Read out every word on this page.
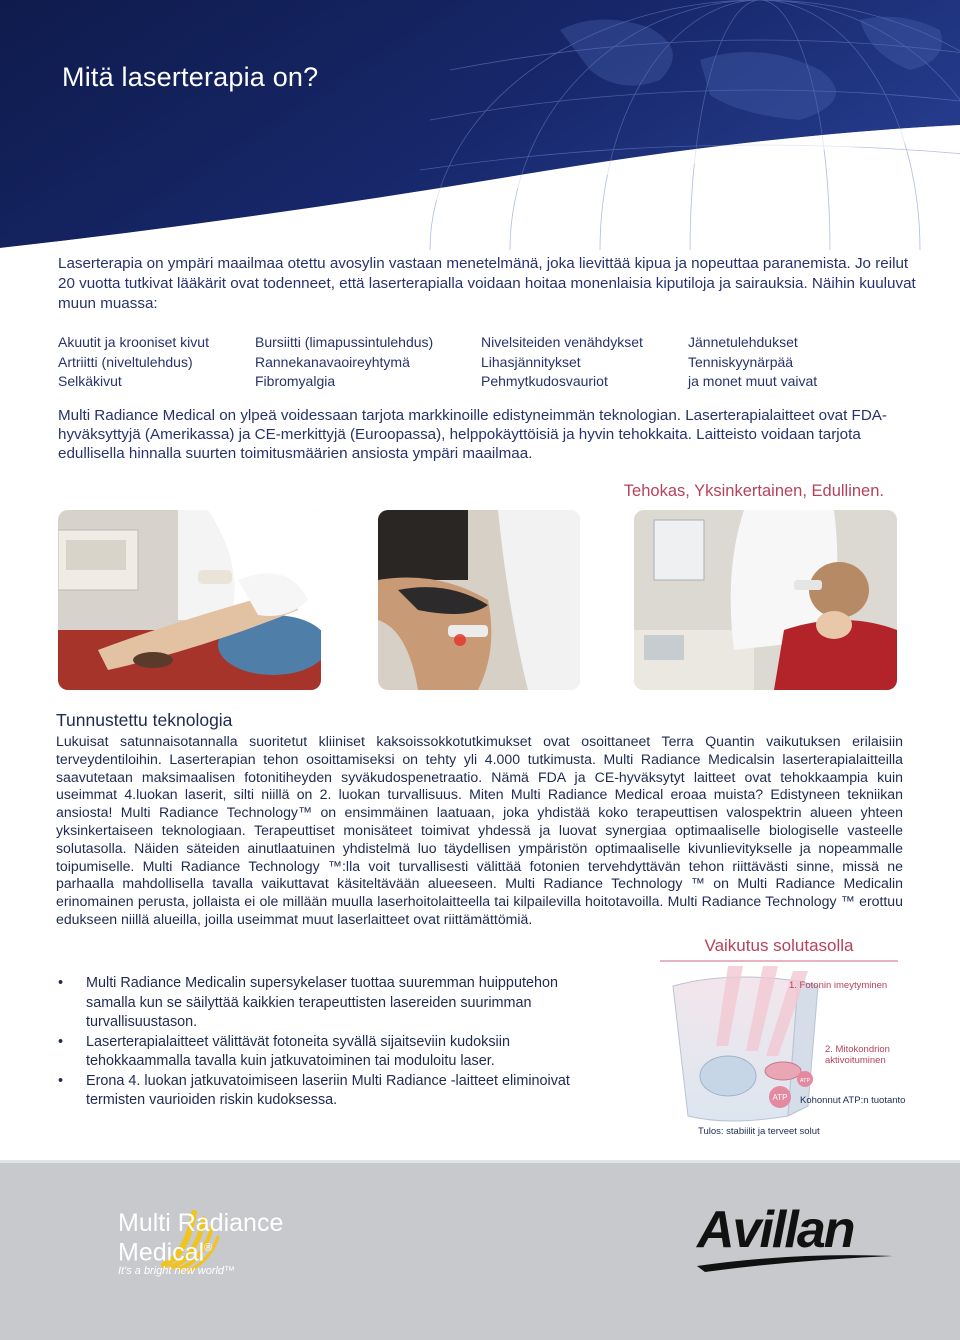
Mitä laserterapia on?

Laserterapia on ympäri maailmaa otettu avosylin vastaan menetelmänä, joka lievittää kipua ja nopeuttaa paranemista. Jo reilut 20 vuotta tutkivat lääkärit ovat todenneet, että laserterapialla voidaan hoitaa monenlaisia kiputiloja ja sairauksia. Näihin kuuluvat muun muassa:

Akuutit ja krooniset kivut	Bursiitti (limapussintulehdus)	Nivelsiteiden venähdykset	Jännetulehdukset
Artriitti (niveltulehdus)	Rannekanavaoireyhtymä	Lihasjännitykset	Tenniskyynärpää
Selkäkivut	Fibromyalgia	Pehmytkudosvauriot	ja monet muut vaivat

Multi Radiance Medical on ylpeä voidessaan tarjota markkinoille edistyneimmän teknologian. Laserterapialaitteet ovat FDA-hyväksyttyjä (Amerikassa) ja CE-merkittyjä (Euroopassa), helppokäyttöisiä ja hyvin tehokkaita. Laitteisto voidaan tarjota edullisella hinnalla suurten toimitusmäärien ansiosta ympäri maailmaa.

Tehokas, Yksinkertainen, Edullinen.

Tunnustettu teknologia

Lukuisat satunnaisotannalla suoritetut kliiniset kaksoissokkotutkimukset ovat osoittaneet Terra Quantin vaikutuksen erilaisiin terveydentiloihin. Laserterapian tehon osoittamiseksi on tehty yli 4.000 tutkimusta. Multi Radiance Medicalsin laserterapialaitteilla saavutetaan maksimaalisen fotonitiheyden syväkudospenetraatio. Nämä FDA ja CE-hyväksytyt laitteet ovat tehokkaampia kuin useimmat 4.luokan laserit, silti niillä on 2. luokan turvallisuus. Miten Multi Radiance Medical eroaa muista? Edistyneen tekniikan ansiosta! Multi Radiance Technology™ on ensimmäinen laatuaan, joka yhdistää koko terapeuttisen valospektrin alueen yhteen yksinkertaiseen teknologiaan. Terapeuttiset monisäteet toimivat yhdessä ja luovat synergiaa optimaaliselle biologiselle vasteelle solutasolla. Näiden säteiden ainutlaatuinen yhdistelmä luo täydellisen ympäristön optimaaliselle kivunlievitykselle ja nopeammalle toipumiselle. Multi Radiance Technology ™:lla voit turvallisesti välittää fotonien tervehdyttävän tehon riittävästi sinne, missä ne parhaalla mahdollisella tavalla vaikuttavat käsiteltävään alueeseen. Multi Radiance Technology ™ on Multi Radiance Medicalin erinomainen perusta, jollaista ei ole millään muulla laserhoitolaitteella tai kilpailevilla hoitotavoilla. Multi Radiance Technology ™ erottuu edukseen niillä alueilla, joilla useimmat muut laserlaitteet ovat riittämättömiä.

Vaikutus solutasolla
• Multi Radiance Medicalin supersykelaser tuottaa suuremman huipputehon samalla kun se säilyttää kaikkien terapeuttisten lasereiden suurimman turvallisuustason.
• Laserterapialaitteet välittävät fotoneita syvällä sijaitseviin kudoksiin tehokkaammalla tavalla kuin jatkuvatoiminen tai moduloitu laser.
• Erona 4. luokan jatkuvatoimiseen laseriin Multi Radiance -laitteet eliminoivat termisten vaurioiden riskin kudoksessa.	ATP
ATP
1. Fotonin imeytyminen
2. Mitokondrion
aktivoituminen
Kohonnut ATP:n tuotanto
Tulos: stabiilit ja terveet solut
Multi Radiance
Medical®
It's a bright new world™
Avillan
